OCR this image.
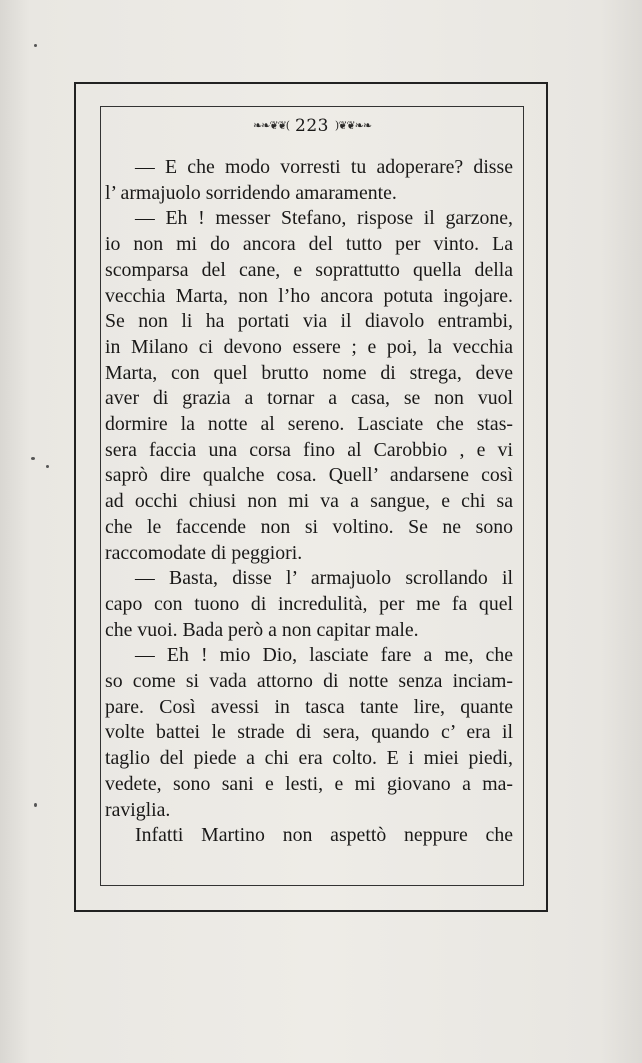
❧❧❦❦( 223 )❦❦❧❧
— E che modo vorresti tu adoperare? disse
l’ armajuolo sorridendo amaramente.
— Eh ! messer Stefano, rispose il garzone,
io non mi do ancora del tutto per vinto. La
scomparsa del cane, e soprattutto quella della
vecchia Marta, non l’ho ancora potuta ingojare.
Se non li ha portati via il diavolo entrambi,
in Milano ci devono essere ; e poi, la vecchia
Marta, con quel brutto nome di strega, deve
aver di grazia a tornar a casa, se non vuol
dormire la notte al sereno. Lasciate che stas-
sera faccia una corsa fino al Carobbio , e vi
saprò dire qualche cosa. Quell’ andarsene così
ad occhi chiusi non mi va a sangue, e chi sa
che le faccende non si voltino. Se ne sono
raccomodate di peggiori.
— Basta, disse l’ armajuolo scrollando il
capo con tuono di incredulità, per me fa quel
che vuoi. Bada però a non capitar male.
— Eh ! mio Dio, lasciate fare a me, che
so come si vada attorno di notte senza inciam-
pare. Così avessi in tasca tante lire, quante
volte battei le strade di sera, quando c’ era il
taglio del piede a chi era colto. E i miei piedi,
vedete, sono sani e lesti, e mi giovano a ma-
raviglia.
Infatti Martino non aspettò neppure che
